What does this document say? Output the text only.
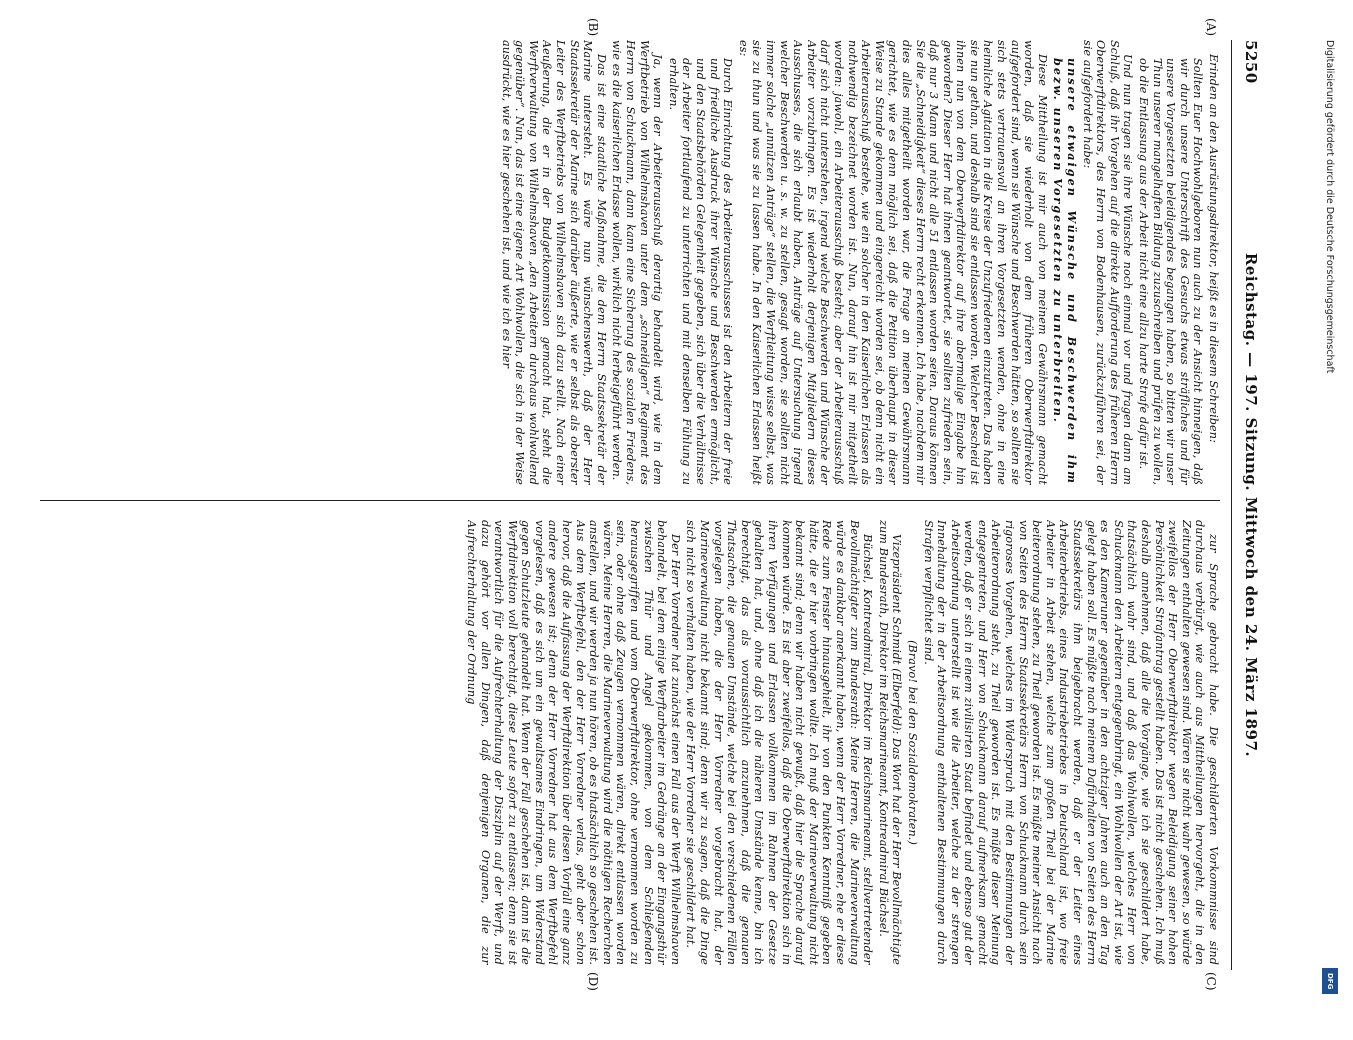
5250
Reichstag. — 197. Sitzung. Mittwoch den 24. März 1897.
(A)
(B)
(C)
(D)

Erinden an den Ausrüstungsdirektor, heißt es in diesem Schreiben:

Sollten Euer Hochwohlgeboren nun auch zu der Ansicht hinneigen, daß wir durch unsere Unterschrift des Gesuchs etwas sträfliches und für unsere Vorgesetzten beleidigendes begangen haben, so bitten wir unser Thun unserer mangelhaften Bildung zuzuschreiben und prüfen zu wollen, ob die Entlassung aus der Arbeit nicht eine allzu harte Strafe dafür ist.

Und nun tragen sie ihre Wünsche noch einmal vor und fragen dann am Schluß, daß ihr Vorgehen auf die direkte Aufforderung des früheren Herrn Oberwerftdirektors, des Herrn von Bodenhausen, zurückzuführen sei, der sie aufgefordert habe:

unsere etwaigen Wünsche und Beschwerden ihm bezw. unseren Vorgesetzten zu unterbreiten.

Diese Mittheilung ist mir auch von meinem Gewährsmann gemacht worden, daß sie wiederholt von dem früheren Oberwerftdirektor aufgefordert sind, wenn sie Wünsche und Beschwerden hätten, so sollten sie sich stets vertrauensvoll an ihren Vorgesetzten wenden, ohne in eine heimliche Agitation in die Kreise der Unzufriedenen einzutreten. Das haben sie nun gethan, und deshalb sind sie entlassen worden. Welcher Bescheid ist ihnen nun von dem Oberwerftdirektor auf ihre abermalige Eingabe hin geworden? Dieser Herr hat ihnen geantwortet, sie sollten zufrieden sein, daß nur 3 Mann und nicht alle 51 entlassen worden seien. Daraus können Sie die „Schneidigkeit“ dieses Herrn recht erkennen. Ich habe, nachdem mir dies alles mitgetheilt worden war, die Frage an meinen Gewährsmann gerichtet, wie es denn möglich sei, daß die Petition überhaupt in dieser Weise zu Stande gekommen und eingereicht worden sei, ob denn nicht ein Arbeiterausschuß bestehe, wie ein solcher in den Kaiserlichen Erlassen als nothwendig bezeichnet worden ist. Nun, darauf hin ist mir mitgetheilt worden: jawohl, ein Arbeiterausschuß besteht; aber der Arbeiterausschuß darf sich nicht unterstehen, irgend welche Beschwerden und Wünsche der Arbeiter vorzubringen. Es ist wiederholt derjenigen Mitgliedern dieses Ausschusses, die sich erlaubt haben, Anträge auf Untersuchung irgend welcher Beschwerden u. s. w. zu stellen, gesagt worden, sie sollten nicht immer solche „unnützen Anträge“ stellen, die Werftleitung wisse selbst, was sie zu thun und was sie zu lassen habe. In den Kaiserlichen Erlassen heißt es:

Durch Einrichtung des Arbeiterausschusses ist den Arbeitern der freie und friedliche Ausdruck ihrer Wünsche und Beschwerden ermöglicht, und den Staatsbehörden Gelegenheit gegeben, sich über die Verhältnisse der Arbeiter fortlaufend zu unterrichten und mit denselben Fühlung zu erhalten.

Ja, wenn der Arbeiterausschuß derartig behandelt wird, wie in dem Werftbetrieb von Wilhelmshaven unter dem „schneidigen“ Regiment des Herrn von Schuckmann, dann kann eine Sicherung des sozialen Friedens, wie es die kaiserlichen Erlasse wollen, wirklich nicht herbeigeführt werden.

Das ist eine staatliche Maßnahme, die dem Herrn Staatssekretär der Marine untersteht. Es wäre nun wünschenswerth, daß der Herr Staatssekretär der Marine sich darüber äußerte, wie er selbst als oberster Leiter des Werftbetriebs von Wilhelmshaven sich dazu stellt. Nach einer Aeußerung, die er in der Budgetkommission gemacht hat, steht die Werftverwaltung von Wilhelmshaven „den Arbeitern durchaus wohlwollend gegenüber“. Nun, das ist eine eigene Art Wohlwollen, die sich in der Weise ausdrückt, wie es hier geschehen ist, und wie ich es hier

zur Sprache gebracht habe. Die geschilderten Vorkommnisse sind durchaus verbürgt, wie auch aus Mittheilungen hervorgeht, die in den Zeitungen enthalten gewesen sind. Wären sie nicht wahr gewesen, so würde zweifellos der Herr Oberwerftdirektor wegen Beleidigung seiner hohen Persönlichkeit Strafantrag gestellt haben. Das ist nicht geschehen. Ich muß deshalb annehmen, daß alle die Vorgänge, wie ich sie geschildert habe, thatsächlich wahr sind, und daß das Wohlwollen, welches Herr von Schuckmann den Arbeitern entgegenbringt, ein Wohlwollen der Art ist, wie es den Kameruner gegenüber in den achtziger Jahren auch an den Tag gelegt haben soll. Es müßte nach meinem Dafürhalten von Seiten des Herrn Staatssekretärs ihm beigebracht werden, daß er der Leiter eines Arbeiterbetriebs, eines Industriebetriebes in Deutschland ist, wo freie Arbeiter in Arbeit stehen, welche zum großen Theil bei der Marine beiterordnung stehen, zu Theil geworden ist. Es müßte meiner Ansicht nach von Seiten des Herrn Staatssekretärs Herrn von Schuckmann durch sein rigoroses Vorgehen, welches im Widerspruch mit den Bestimmungen der Arbeiterordnung steht, zu Theil geworden ist. Es müßte dieser Meinung entgegentreten, und Herr von Schuckmann darauf aufmerksam gemacht werden, daß er sich in einem zivilisirten Staat befindet und ebenso gut der Arbeitsordnung unterstellt ist wie die Arbeiter, welche zu der strengen Innehaltung der in der Arbeitsordnung enthaltenen Bestimmungen durch Strafen verpflichtet sind.

(Bravo! bei den Sozialdemokraten.)

Vizepräsident Schmidt (Elberfeld): Das Wort hat der Herr Bevollmächtigte zum Bundesrath, Direktor im Reichsmarineamt, Kontreadmiral Büchsel.

Büchsel, Kontreadmiral, Direktor im Reichsmarineamt, stellvertretender Bevollmächtigter zum Bundesrath: Meine Herren, die Marineverwaltung würde es dankbar anerkannt haben, wenn der Herr Vorredner, ehe er diese Rede zum Fenster hinausgehielt, ihr von den Punkten Kenntniß gegeben hätte, die er hier vorbringen wollte. Ich muß der Marineverwaltung nicht bekannt sind; denn wir haben nicht gewußt, daß hier die Sprache darauf kommen würde. Es ist aber zweifellos, daß die Oberwerftdirektion sich in ihren Verfügungen und Erlassen vollkommen im Rahmen der Gesetze gehalten hat, und, ohne daß ich die näheren Umstände kenne, bin ich berechtigt, das als voraussichtlich anzunehmen, daß die genauen Thatsachen, die genauen Umstände, welche bei den verschiedenen Fällen vorgelegen haben, die der Herr Vorredner vorgebracht hat, der Marineverwaltung nicht bekannt sind; denn wir zu sagen, daß die Dinge sich nicht so verhalten haben, wie der Herr Vorredner sie geschildert hat.

Der Herr Vorredner hat zunächst einen Fall aus der Werft Wilhelmshaven behandelt, bei dem einige Werftarbeiter im Gedränge an der Eingangsthür zwischen Thür und Angel gekommen, von dem Schließenden herausgegriffen und vom Oberwerftdirektor, ohne vernommen worden zu sein, oder ohne daß Zeugen vernommen wären, direkt entlassen worden wären. Meine Herren, die Marineverwaltung wird die nöthigen Recherchen anstellen, und wir werden ja nun hören, ob es thatsächlich so geschehen ist. Aus dem Werftbefehl, den der Herr Vorredner verlas, geht aber schon hervor, daß die Auffassung der Werftdirektion über diesen Vorfall eine ganz andere gewesen ist; denn der Herr Vorredner hat aus dem Werftbefehl vorgelesen, daß es sich um ein gewaltsames Eindringen, um Widerstand gegen Schutzleute gehandelt hat. Wenn der Fall geschehen ist, dann ist die Werftdirektion voll berechtigt, diese Leute sofort zu entlassen; denn sie ist verantwortlich für die Aufrechterhaltung der Disziplin auf der Werft, und dazu gehört vor allen Dingen, daß denjenigen Organen, die zur Aufrechterhaltung der Ordnung

Digitalisierung gefördert durch die Deutsche Forschungsgemeinschaft
DFG
